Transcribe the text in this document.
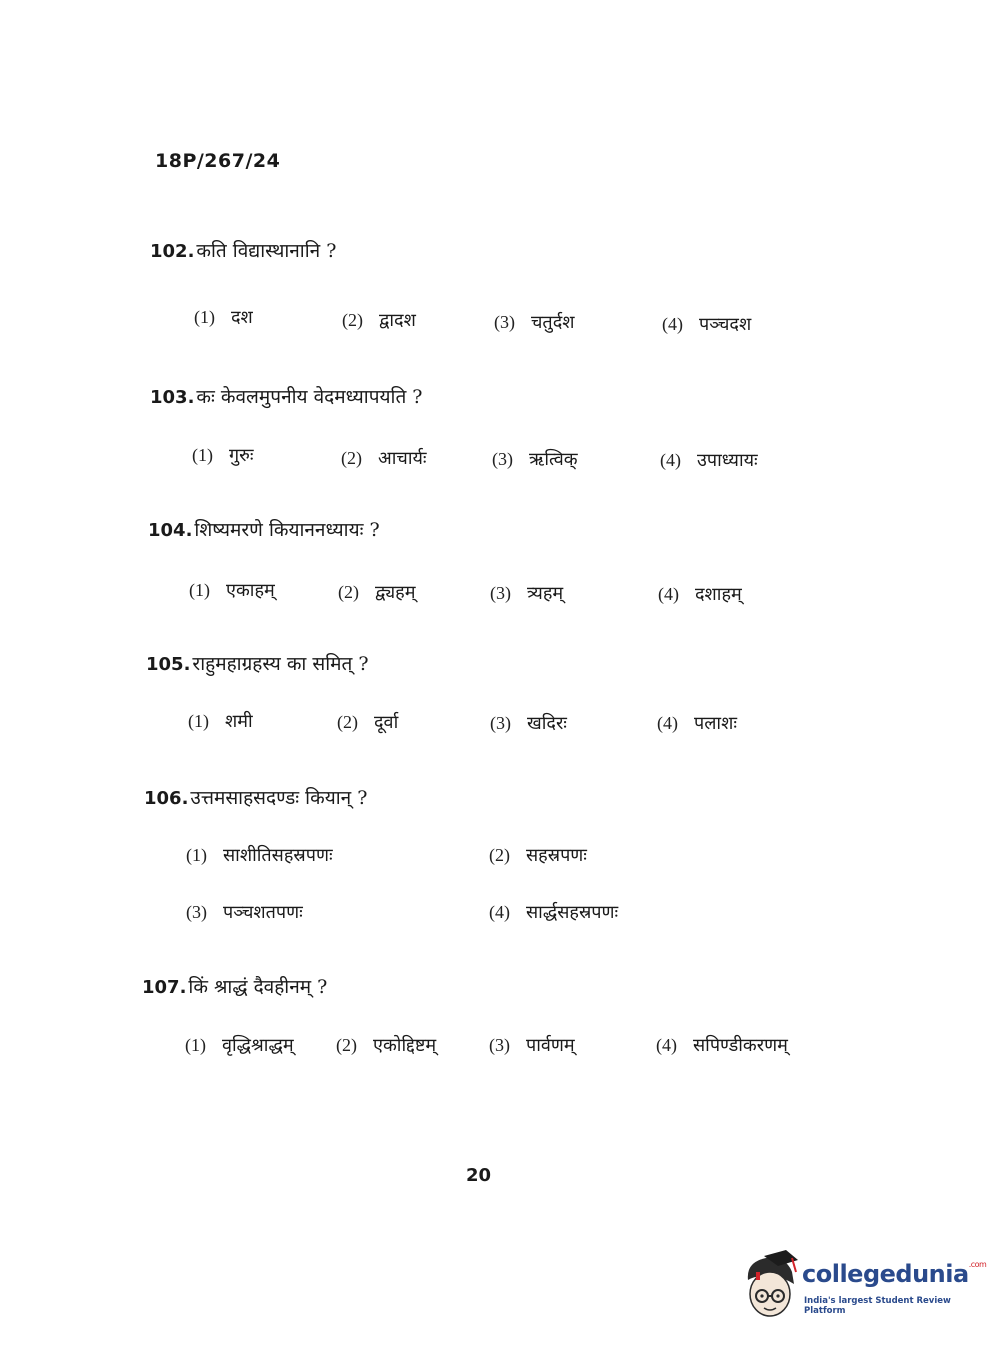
18P/267/24
102. कति विद्यास्थानानि ?
(1) दश	(2) द्वादश	(3) चतुर्दश	(4) पञ्चदश
103. कः केवलमुपनीय वेदमध्यापयति ?
(1) गुरुः	(2) आचार्यः	(3) ऋत्विक्	(4) उपाध्यायः
104. शिष्यमरणे कियाननध्यायः ?
(1) एकाहम्	(2) द्व्यहम्	(3) त्र्यहम्	(4) दशाहम्
105. राहुमहाग्रहस्य का समित् ?
(1) शमी	(2) दूर्वा	(3) खदिरः	(4) पलाशः
106. उत्तमसाहसदण्डः कियान् ?
(1) साशीतिसहस्रपणः	(2) सहस्रपणः
(3) पञ्चशतपणः	(4) सार्द्धसहस्रपणः
107. किं श्राद्धं दैवहीनम् ?
(1) वृद्धिश्राद्धम् (2) एकोद्दिष्टम्	(3) पार्वणम्	(4) सपिण्डीकरणम्
20
collegedunia$^{.com}$
India's largest Student Review Platform
